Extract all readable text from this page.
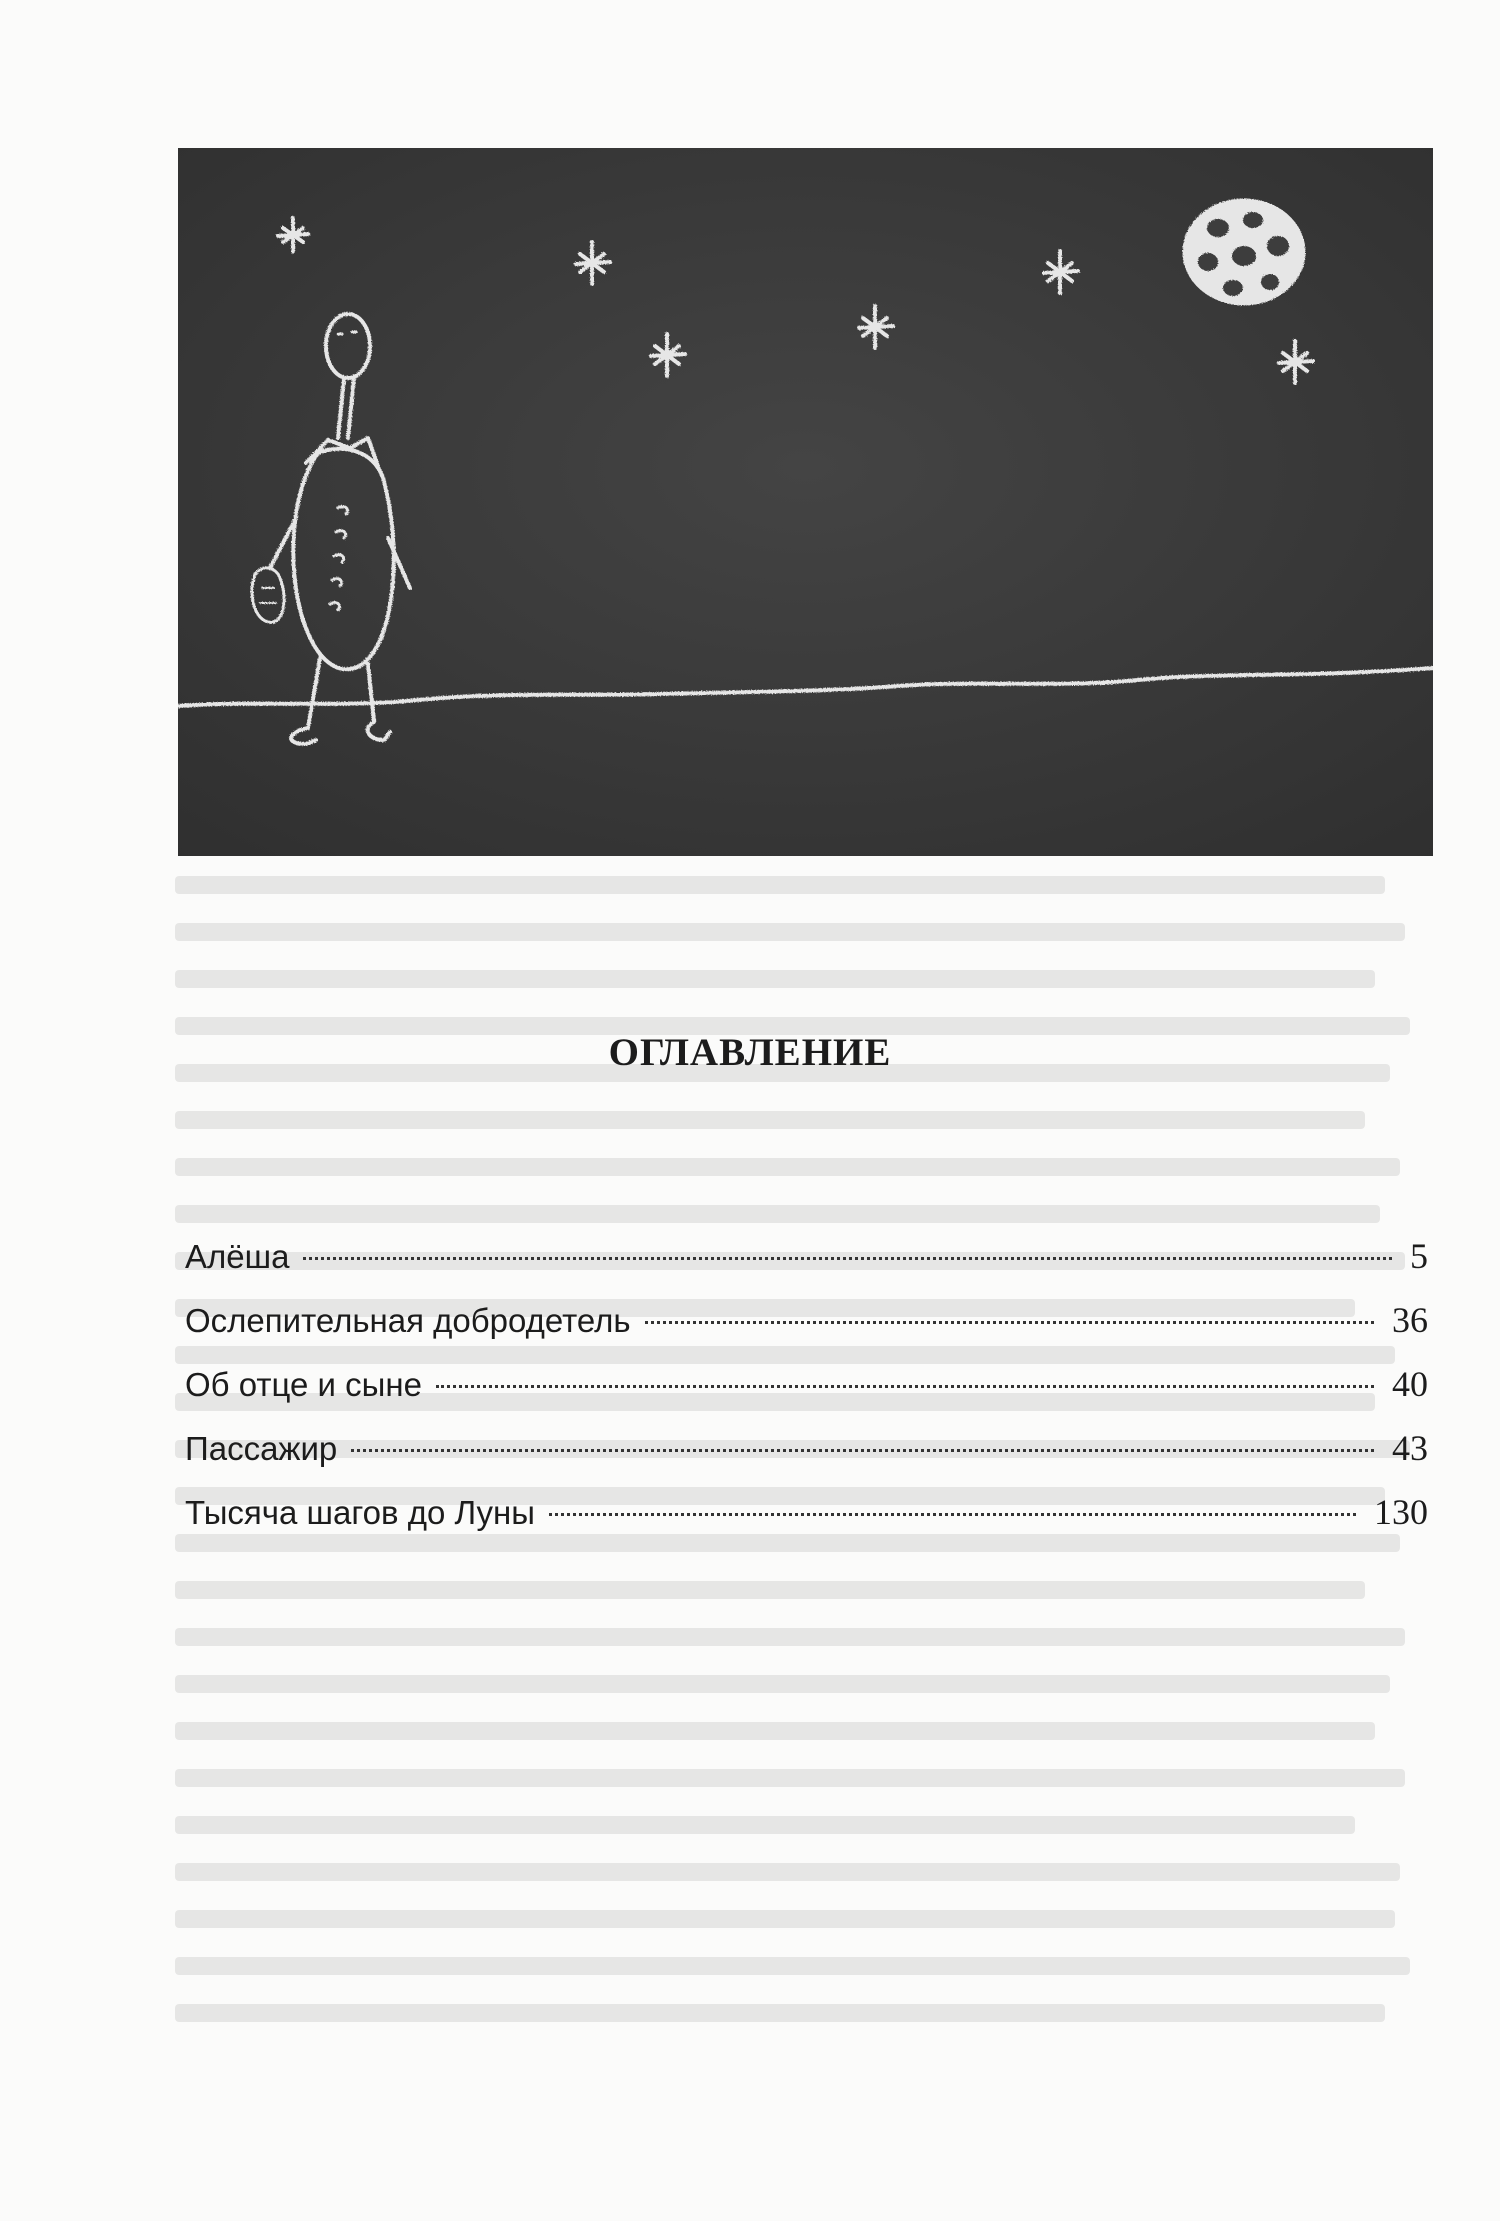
ОГЛАВЛЕНИЕ
Алёша	5
Ослепительная добродетель	36
Об отце и сыне	40
Пассажир	43
Тысяча шагов до Луны	130
